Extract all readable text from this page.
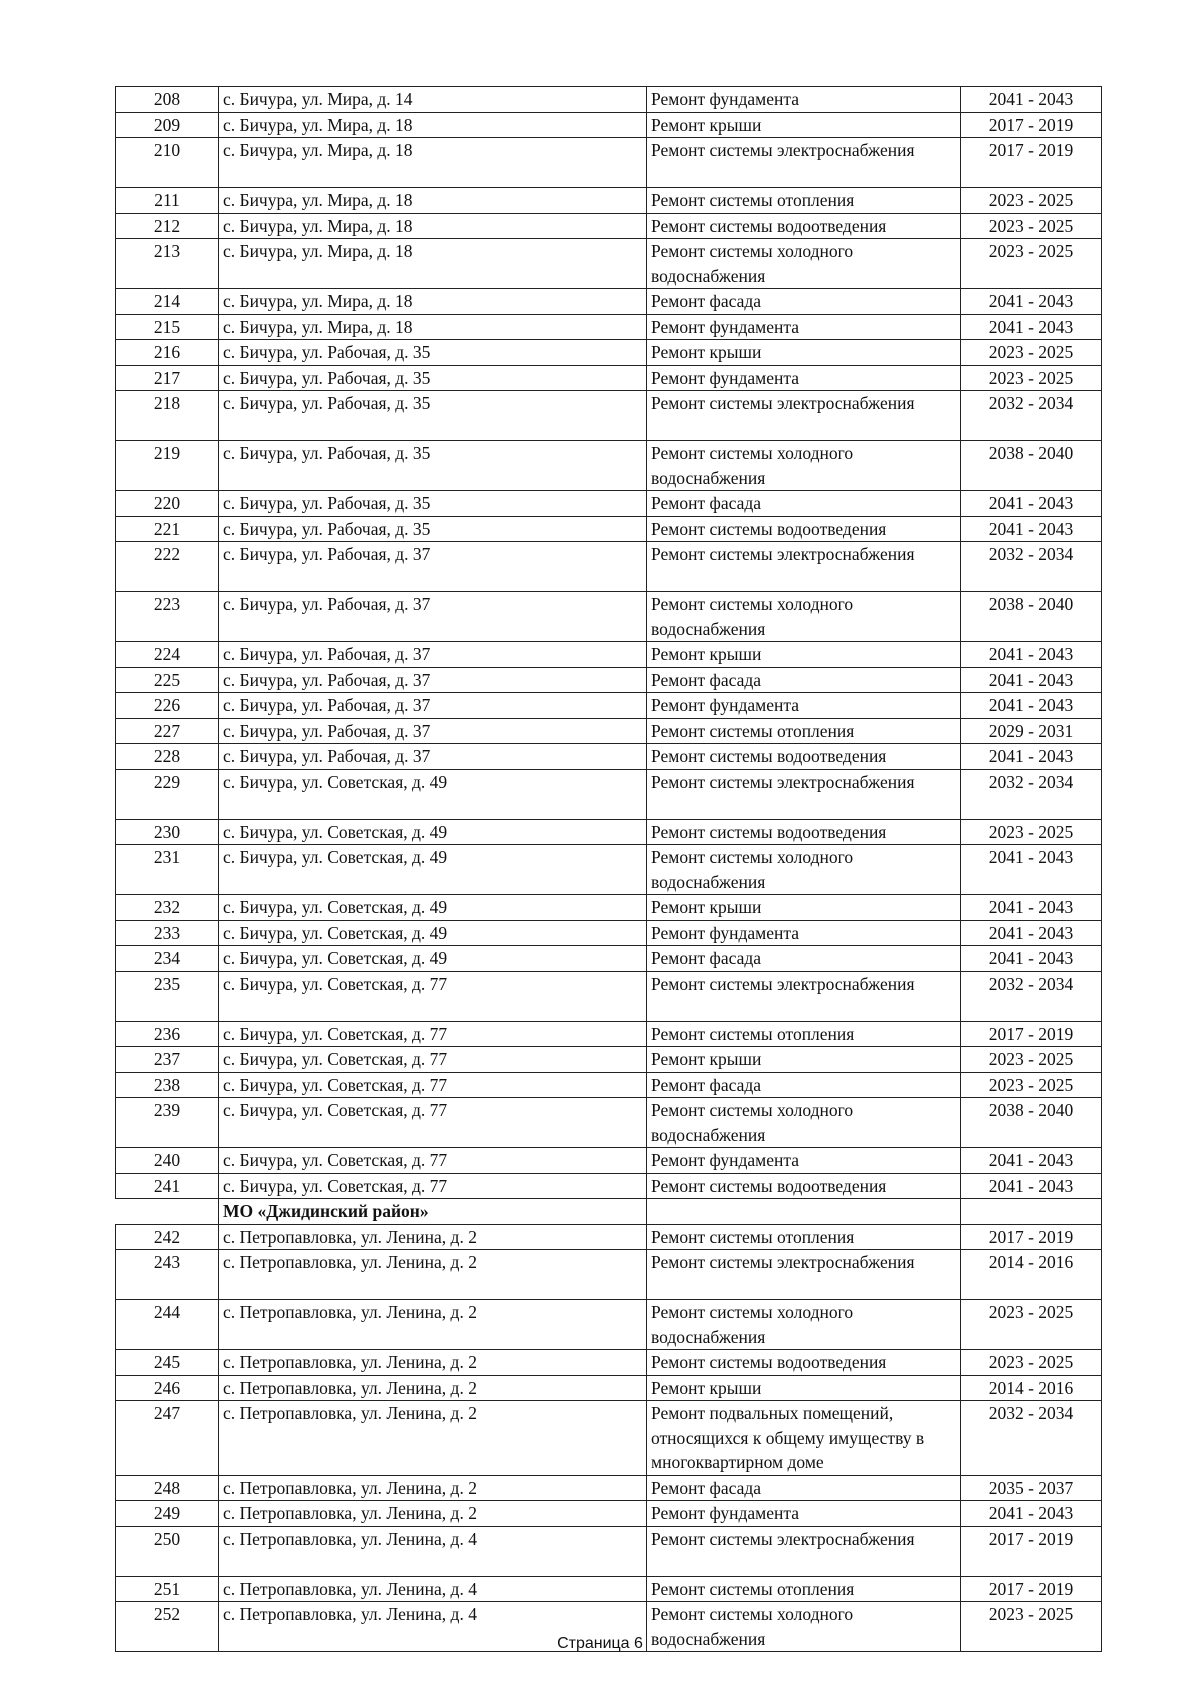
208	с. Бичура, ул. Мира, д. 14	Ремонт фундамента	2041 - 2043
209	с. Бичура, ул. Мира, д. 18	Ремонт крыши	2017 - 2019
210	с. Бичура, ул. Мира, д. 18	Ремонт системы электроснабжения	2017 - 2019
211	с. Бичура, ул. Мира, д. 18	Ремонт системы отопления	2023 - 2025
212	с. Бичура, ул. Мира, д. 18	Ремонт системы водоотведения	2023 - 2025
213	с. Бичура, ул. Мира, д. 18	Ремонт системы холодного водоснабжения	2023 - 2025
214	с. Бичура, ул. Мира, д. 18	Ремонт фасада	2041 - 2043
215	с. Бичура, ул. Мира, д. 18	Ремонт фундамента	2041 - 2043
216	с. Бичура, ул. Рабочая, д. 35	Ремонт крыши	2023 - 2025
217	с. Бичура, ул. Рабочая, д. 35	Ремонт фундамента	2023 - 2025
218	с. Бичура, ул. Рабочая, д. 35	Ремонт системы электроснабжения	2032 - 2034
219	с. Бичура, ул. Рабочая, д. 35	Ремонт системы холодного водоснабжения	2038 - 2040
220	с. Бичура, ул. Рабочая, д. 35	Ремонт фасада	2041 - 2043
221	с. Бичура, ул. Рабочая, д. 35	Ремонт системы водоотведения	2041 - 2043
222	с. Бичура, ул. Рабочая, д. 37	Ремонт системы электроснабжения	2032 - 2034
223	с. Бичура, ул. Рабочая, д. 37	Ремонт системы холодного водоснабжения	2038 - 2040
224	с. Бичура, ул. Рабочая, д. 37	Ремонт крыши	2041 - 2043
225	с. Бичура, ул. Рабочая, д. 37	Ремонт фасада	2041 - 2043
226	с. Бичура, ул. Рабочая, д. 37	Ремонт фундамента	2041 - 2043
227	с. Бичура, ул. Рабочая, д. 37	Ремонт системы отопления	2029 - 2031
228	с. Бичура, ул. Рабочая, д. 37	Ремонт системы водоотведения	2041 - 2043
229	с. Бичура, ул. Советская, д. 49	Ремонт системы электроснабжения	2032 - 2034
230	с. Бичура, ул. Советская, д. 49	Ремонт системы водоотведения	2023 - 2025
231	с. Бичура, ул. Советская, д. 49	Ремонт системы холодного водоснабжения	2041 - 2043
232	с. Бичура, ул. Советская, д. 49	Ремонт крыши	2041 - 2043
233	с. Бичура, ул. Советская, д. 49	Ремонт фундамента	2041 - 2043
234	с. Бичура, ул. Советская, д. 49	Ремонт фасада	2041 - 2043
235	с. Бичура, ул. Советская, д. 77	Ремонт системы электроснабжения	2032 - 2034
236	с. Бичура, ул. Советская, д. 77	Ремонт системы отопления	2017 - 2019
237	с. Бичура, ул. Советская, д. 77	Ремонт крыши	2023 - 2025
238	с. Бичура, ул. Советская, д. 77	Ремонт фасада	2023 - 2025
239	с. Бичура, ул. Советская, д. 77	Ремонт системы холодного водоснабжения	2038 - 2040
240	с. Бичура, ул. Советская, д. 77	Ремонт фундамента	2041 - 2043
241	с. Бичура, ул. Советская, д. 77	Ремонт системы водоотведения	2041 - 2043
	МО «Джидинский район»		
242	с. Петропавловка, ул. Ленина, д. 2	Ремонт системы отопления	2017 - 2019
243	с. Петропавловка, ул. Ленина, д. 2	Ремонт системы электроснабжения	2014 - 2016
244	с. Петропавловка, ул. Ленина, д. 2	Ремонт системы холодного водоснабжения	2023 - 2025
245	с. Петропавловка, ул. Ленина, д. 2	Ремонт системы водоотведения	2023 - 2025
246	с. Петропавловка, ул. Ленина, д. 2	Ремонт крыши	2014 - 2016
247	с. Петропавловка, ул. Ленина, д. 2	Ремонт подвальных помещений, относящихся к общему имуществу в многоквартирном доме	2032 - 2034
248	с. Петропавловка, ул. Ленина, д. 2	Ремонт фасада	2035 - 2037
249	с. Петропавловка, ул. Ленина, д. 2	Ремонт фундамента	2041 - 2043
250	с. Петропавловка, ул. Ленина, д. 4	Ремонт системы электроснабжения	2017 - 2019
251	с. Петропавловка, ул. Ленина, д. 4	Ремонт системы отопления	2017 - 2019
252	с. Петропавловка, ул. Ленина, д. 4	Ремонт системы холодного водоснабжения	2023 - 2025
Страница 6
